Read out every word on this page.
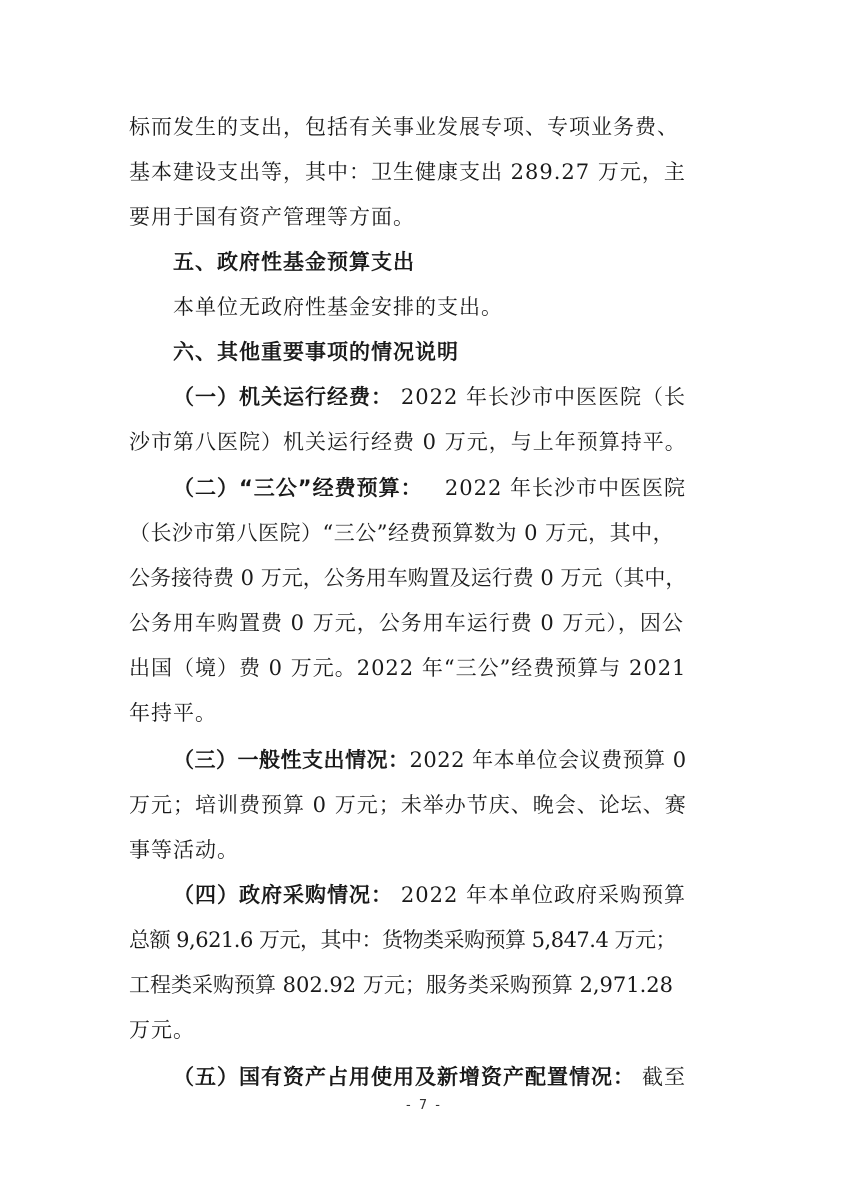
标而发生的支出，包括有关事业发展专项、专项业务费、
基本建设支出等，其中：卫生健康支出 289.27 万元，主
要用于国有资产管理等方面。
五、政府性基金预算支出
本单位无政府性基金安排的支出。
六、其他重要事项的情况说明
（一）机关运行经费： 2022 年长沙市中医医院（长
沙市第八医院）机关运行经费 0 万元，与上年预算持平。
（二）“三公”经费预算： 2022 年长沙市中医医院
（长沙市第八医院）“三公”经费预算数为 0 万元，其中，
公务接待费 0 万元，公务用车购置及运行费 0 万元（其中，
公务用车购置费 0 万元，公务用车运行费 0 万元），因公
出国（境）费 0 万元。2022 年“三公”经费预算与 2021
年持平。
（三）一般性支出情况： 2022 年本单位会议费预算 0
万元；培训费预算 0 万元；未举办节庆、晚会、论坛、赛
事等活动。
（四）政府采购情况： 2022 年本单位政府采购预算
总额 9,621.6 万元，其中：货物类采购预算 5,847.4 万元；
工程类采购预算 802.92 万元；服务类采购预算 2,971.28
万元。
（五）国有资产占用使用及新增资产配置情况： 截至
- 7 -
